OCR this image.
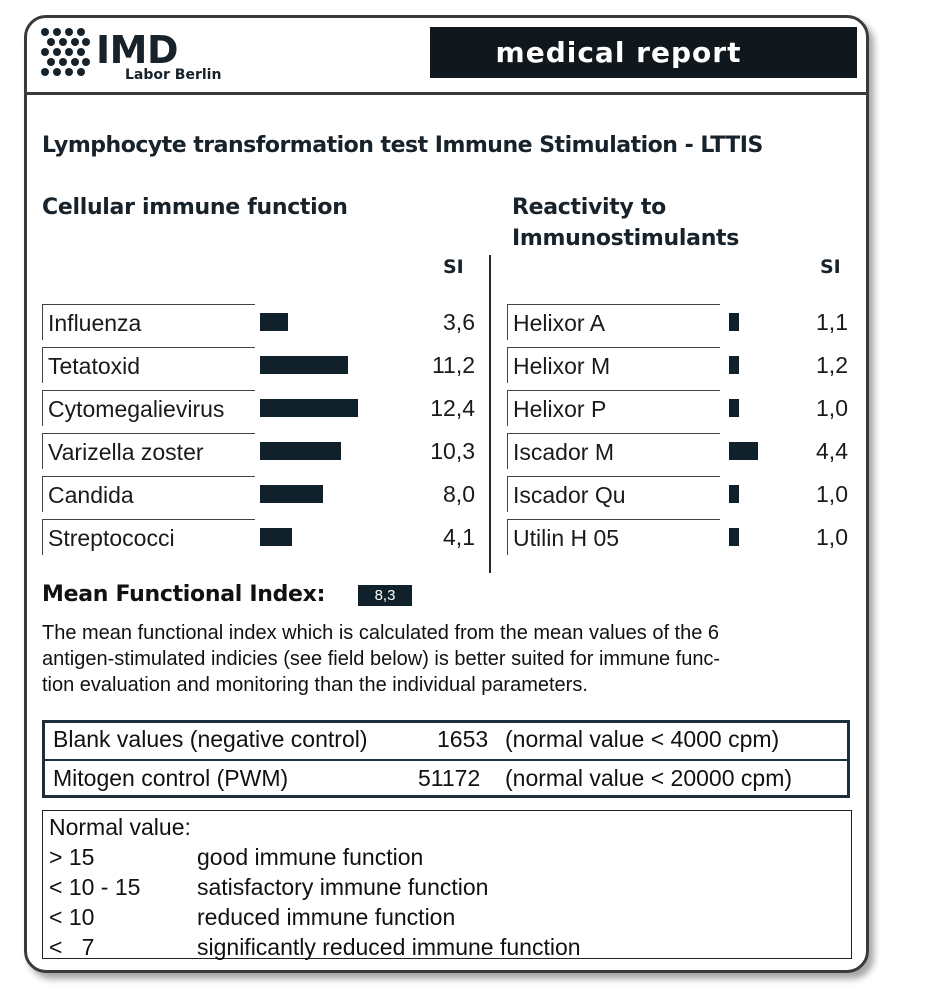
IMD
Labor Berlin
medical report
Lymphocyte transformation test Immune Stimulation - LTTIS
Cellular immune function
SI
Influenza	3,6
Tetatoxid	11,2
Cytomegalievirus	12,4
Varizella zoster	10,3
Candida	8,0
Streptococci	4,1
Reactivity to
Immunostimulants
SI
Helixor A	1,1
Helixor M	1,2
Helixor P	1,0
Iscador M	4,4
Iscador Qu	1,0
Utilin H 05	1,0
Mean Functional Index:	8,3
The mean functional index which is calculated from the mean values of the 6
antigen-stimulated indicies (see field below) is better suited for immune func-
tion evaluation and monitoring than the individual parameters.
Blank values (negative control)	1653 (normal value < 4000 cpm)
Mitogen control (PWM)	51172 (normal value < 20000 cpm)
Normal value:
> 15	good immune function
< 10 - 15 satisfactory immune function
< 10	reduced immune function
<   7	significantly reduced immune function
